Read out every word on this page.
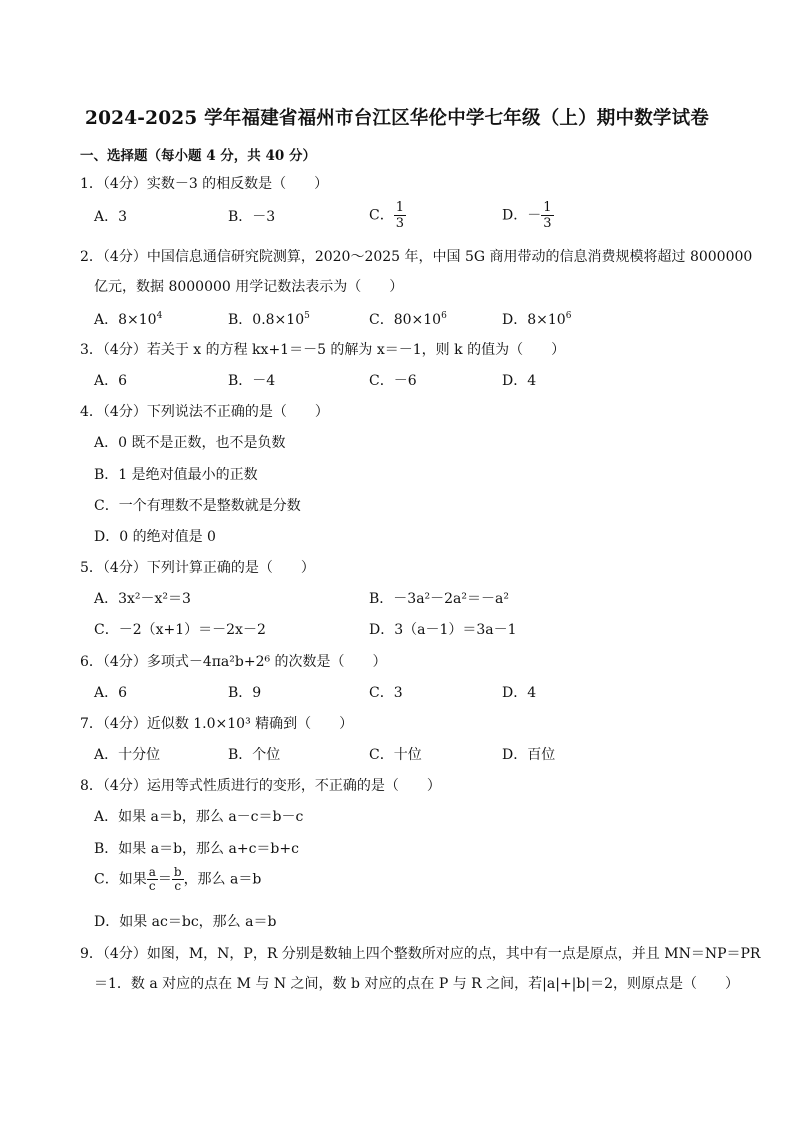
2024-2025 学年福建省福州市台江区华伦中学七年级（上）期中数学试卷
一、选择题（每小题 4 分，共 40 分）
1．（4分）实数－3 的相反数是（　　）
A．3	B．－3	C． $\frac{1}{3}$	D．－ $\frac{1}{3}$
2．（4分）中国信息通信研究院测算，2020～2025 年，中国 5G 商用带动的信息消费规模将超过 8000000
亿元，数据 8000000 用学记数法表示为（　　）
A．$8\times 10^4$	B．$0.8\times 10^5$	C．$80\times 10^6$	D．$8\times 10^6$
3．（4分）若关于 x 的方程 kx+1＝－5 的解为 x＝－1，则 k 的值为（　　）
A．6	B．－4	C．－6	D．4
4．（4分）下列说法不正确的是（　　）
A．0 既不是正数，也不是负数
B．1 是绝对值最小的正数
C．一个有理数不是整数就是分数
D．0 的绝对值是 0
5．（4分）下列计算正确的是（　　）
A．3x²－x²＝3	B．－3a²－2a²＝－a²
C．－2（x+1）＝－2x－2	D．3（a－1）＝3a－1
6．（4分）多项式－4πa²b+2⁶ 的次数是（　　）
A．6	B．9	C．3	D．4
7．（4分）近似数 1.0×10³ 精确到（　　）
A．十分位	B．个位	C．十位	D．百位
8．（4分）运用等式性质进行的变形，不正确的是（　　）
A．如果 a＝b，那么 a－c＝b－c
B．如果 a＝b，那么 a+c＝b+c
C．如果 $\frac{a}{c} = \frac{b}{c}$ ，那么 a＝b
D．如果 ac＝bc，那么 a＝b
9．（4分）如图，M，N，P，R 分别是数轴上四个整数所对应的点，其中有一点是原点，并且 MN＝NP＝PR
＝1．数 a 对应的点在 M 与 N 之间，数 b 对应的点在 P 与 R 之间，若|a|+|b|＝2，则原点是（　　）
